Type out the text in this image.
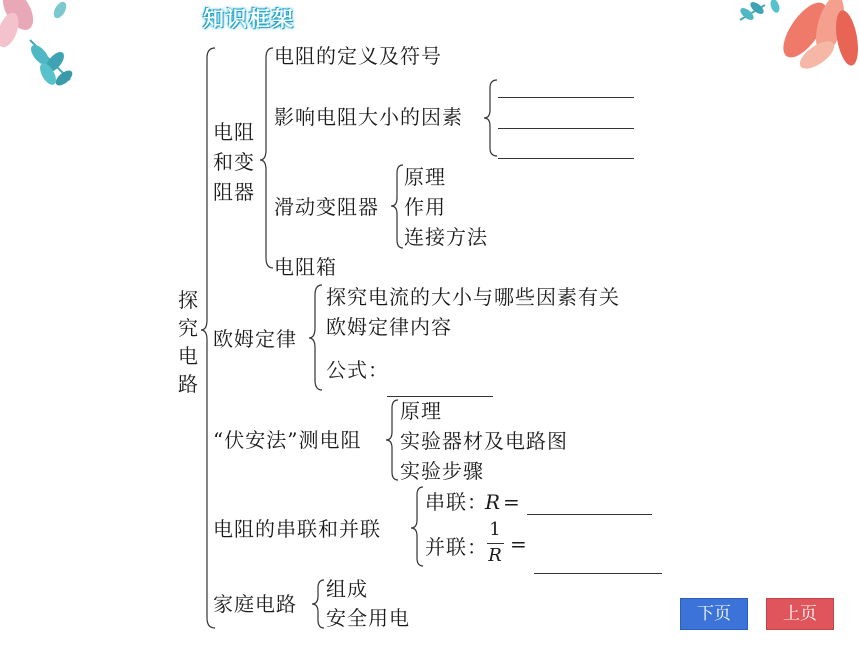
知识框架
探
究
电
路
电阻
和变
阻器
电阻的定义及符号
影响电阻大小的因素
滑动变阻器
原理
作用
连接方法
电阻箱
欧姆定律
探究电流的大小与哪些因素有关
欧姆定律内容
公式：
“伏安法”测电阻
原理
实验器材及电路图
实验步骤
电阻的串联和并联
串联：
R =
并联：
1
R =
家庭电路
组成
安全用电	下页	上页
